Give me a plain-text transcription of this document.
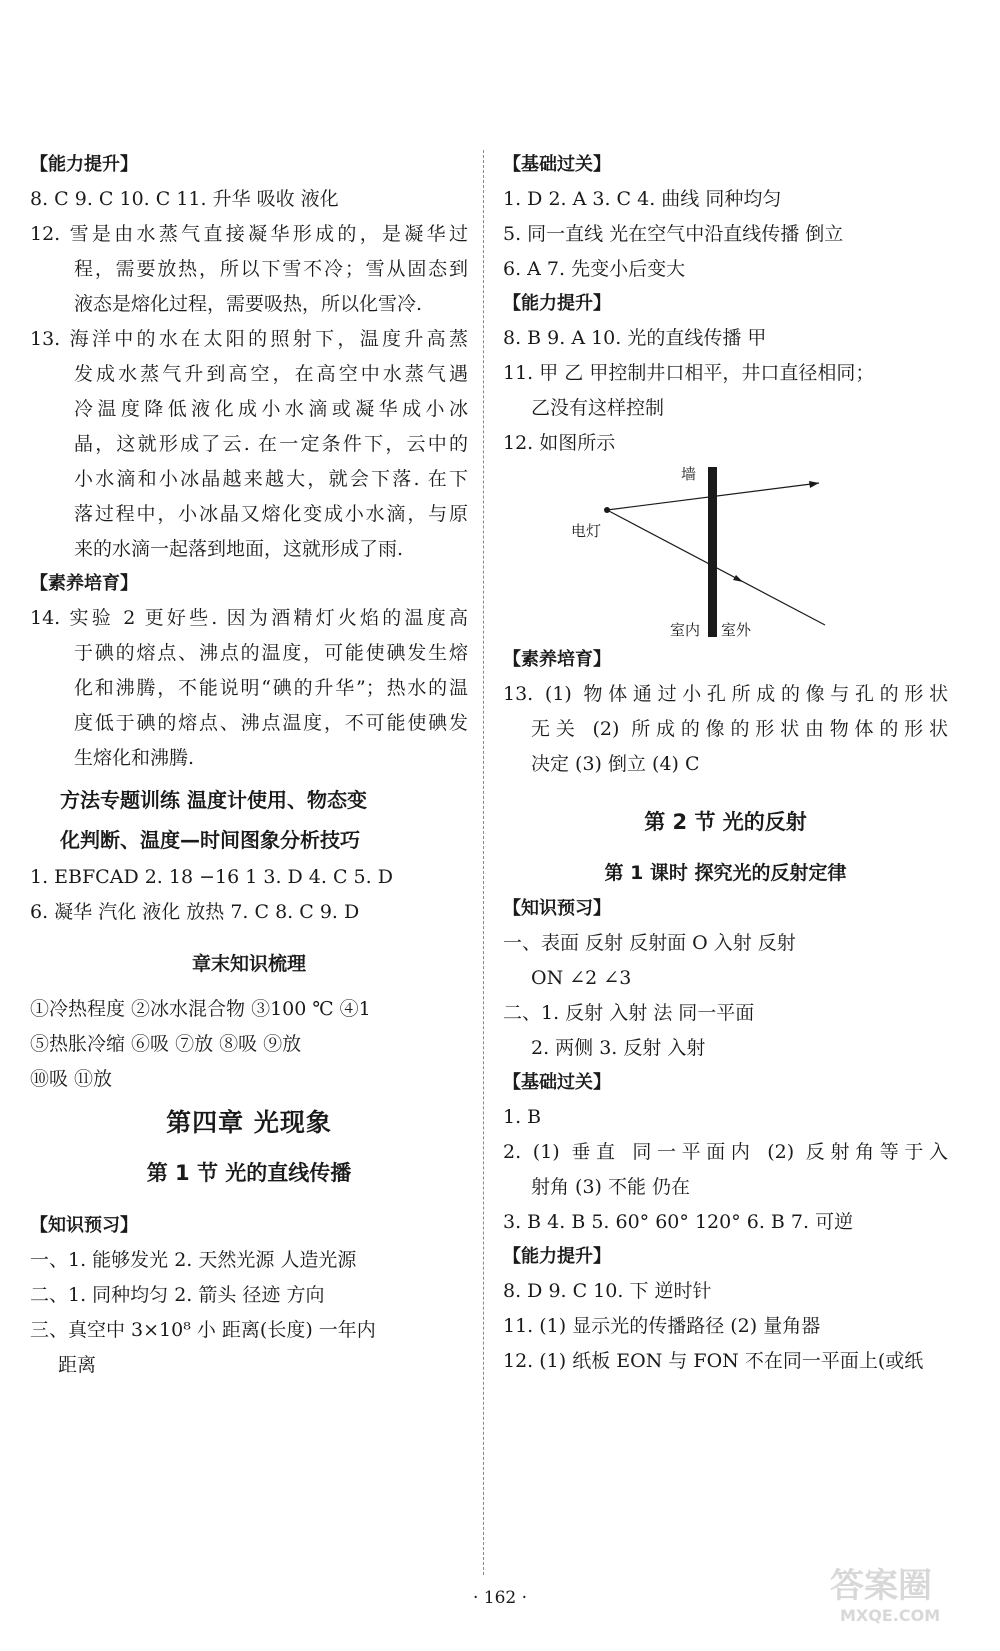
【能力提升】
8. C 9. C 10. C 11. 升华 吸收 液化
12. 雪是由水蒸气直接凝华形成的，是凝华过
程，需要放热，所以下雪不冷；雪从固态到
液态是熔化过程，需要吸热，所以化雪冷.
13. 海洋中的水在太阳的照射下，温度升高蒸
发成水蒸气升到高空，在高空中水蒸气遇
冷温度降低液化成小水滴或凝华成小冰
晶，这就形成了云. 在一定条件下，云中的
小水滴和小冰晶越来越大，就会下落. 在下
落过程中，小冰晶又熔化变成小水滴，与原
来的水滴一起落到地面，这就形成了雨.
【素养培育】
14. 实验 2 更好些. 因为酒精灯火焰的温度高
于碘的熔点、沸点的温度，可能使碘发生熔
化和沸腾，不能说明“碘的升华”；热水的温
度低于碘的熔点、沸点温度，不可能使碘发
生熔化和沸腾.
方法专题训练 温度计使用、物态变
化判断、温度—时间图象分析技巧
1. EBFCAD 2. 18 −16 1 3. D 4. C 5. D
6. 凝华 汽化 液化 放热 7. C 8. C 9. D
章末知识梳理
①冷热程度 ②冰水混合物 ③100 ℃ ④1
⑤热胀冷缩 ⑥吸 ⑦放 ⑧吸 ⑨放
⑩吸 ⑪放
第四章 光现象
第 1 节 光的直线传播
【知识预习】
一、1. 能够发光 2. 天然光源 人造光源
二、1. 同种均匀 2. 箭头 径迹 方向
三、真空中 3×10⁸ 小 距离(长度) 一年内
距离
【基础过关】
1. D 2. A 3. C 4. 曲线 同种均匀
5. 同一直线 光在空气中沿直线传播 倒立
6. A 7. 先变小后变大
【能力提升】
8. B 9. A 10. 光的直线传播 甲
11. 甲 乙 甲控制井口相平，井口直径相同；
乙没有这样控制
12. 如图所示
墙
电灯
室内 室外
【素养培育】
13. (1) 物体通过小孔所成的像与孔的形状
无关 (2) 所成的像的形状由物体的形状
决定 (3) 倒立 (4) C
第 2 节 光的反射
第 1 课时 探究光的反射定律
【知识预习】
一、表面 反射 反射面 O 入射 反射
ON ∠2 ∠3
二、1. 反射 入射 法 同一平面
2. 两侧 3. 反射 入射
【基础过关】
1. B
2. (1) 垂直 同一平面内 (2) 反射角等于入
射角 (3) 不能 仍在
3. B 4. B 5. 60° 60° 120° 6. B 7. 可逆
【能力提升】
8. D 9. C 10. 下 逆时针
11. (1) 显示光的传播路径 (2) 量角器
12. (1) 纸板 EON 与 FON 不在同一平面上(或纸
· 162 ·	答案圈
MXQE.COM
